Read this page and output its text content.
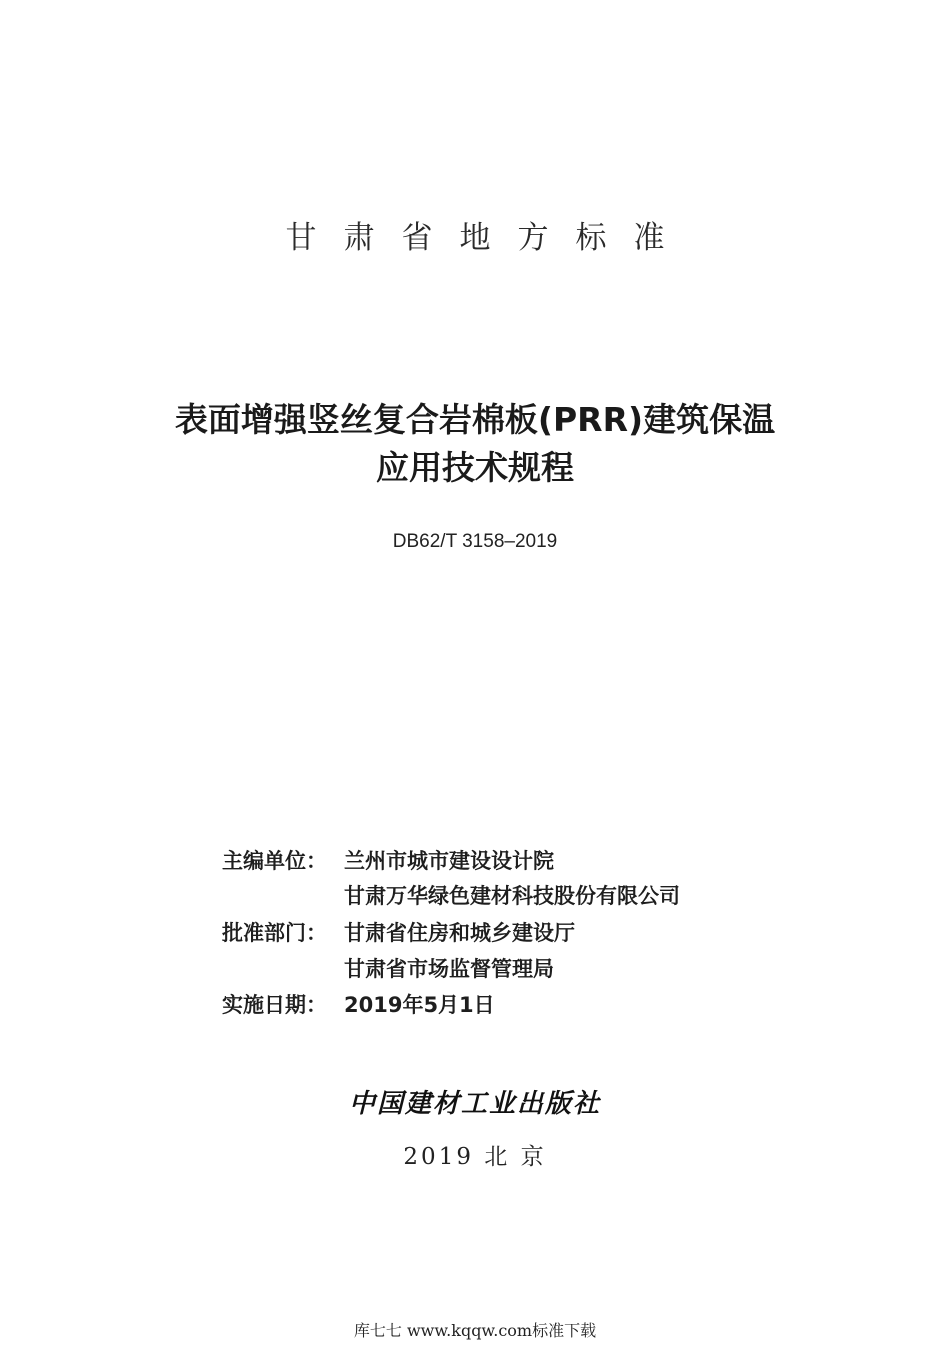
甘肃省地方标准
表面增强竖丝复合岩棉板(PRR)建筑保温
应用技术规程
DB62/T 3158–2019
主编单位： 兰州市城市建设设计院
甘肃万华绿色建材科技股份有限公司
批准部门： 甘肃省住房和城乡建设厅
甘肃省市场监督管理局
实施日期： 2019年5月1日
中国建材工业出版社
2019 北 京
库七七 www.kqqw.com标准下载
